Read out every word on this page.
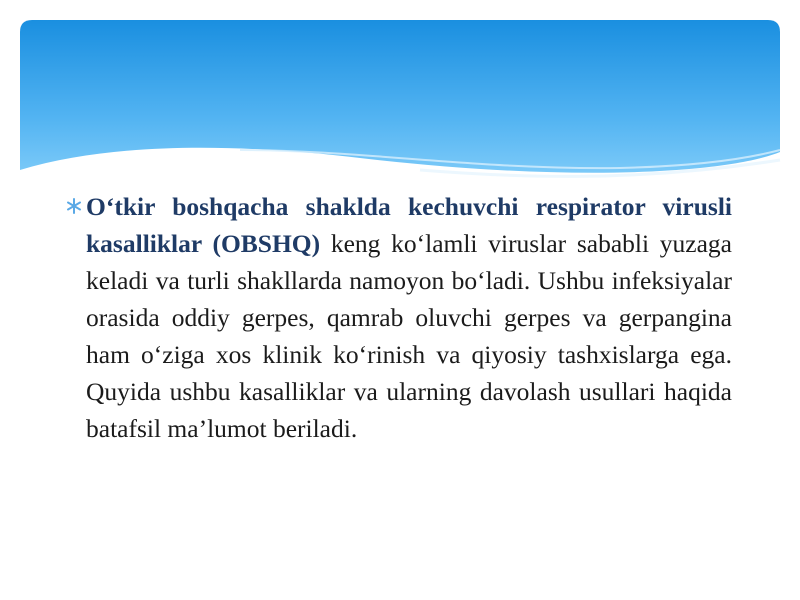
O‘tkir boshqacha shaklda kechuvchi respirator virusli kasalliklar (OBSHQ) keng ko‘lamli viruslar sababli yuzaga keladi va turli shakllarda namoyon bo‘ladi. Ushbu infeksiyalar orasida oddiy gerpes, qamrab oluvchi gerpes va gerpangina ham o‘ziga xos klinik ko‘rinish va qiyosiy tashxislarga ega. Quyida ushbu kasalliklar va ularning davolash usullari haqida batafsil ma’lumot beriladi.
